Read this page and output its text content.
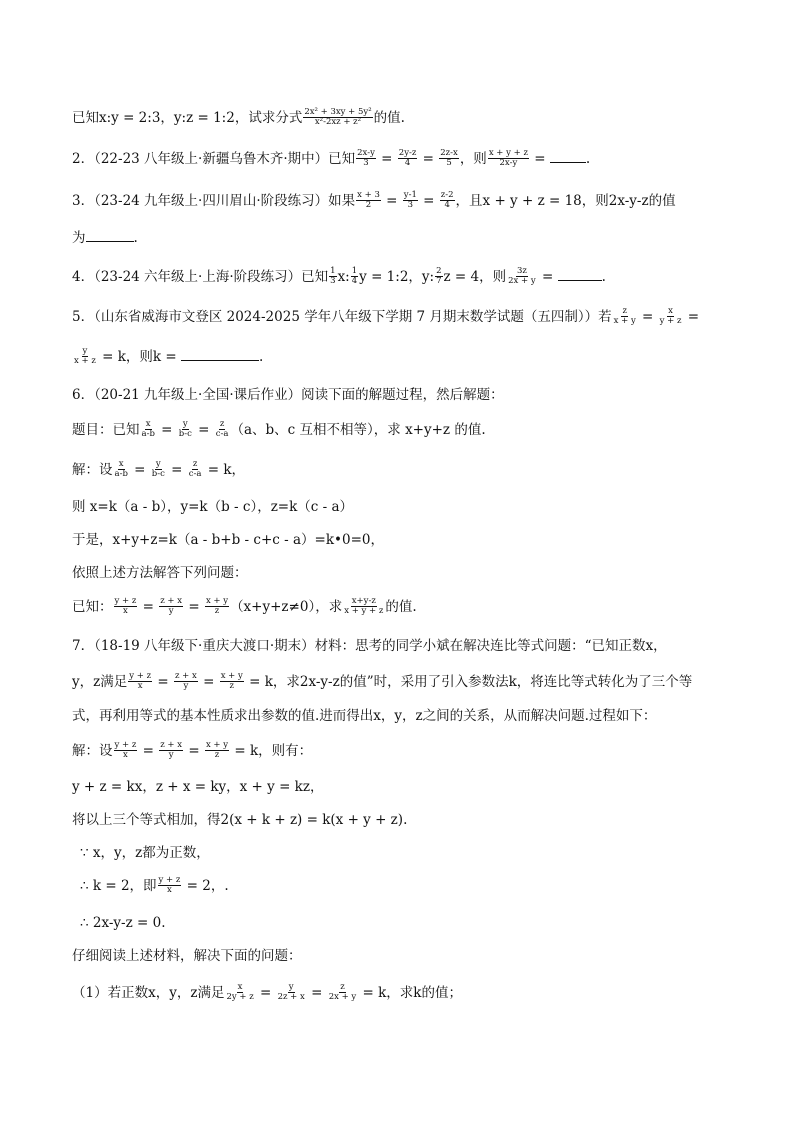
已知x:y = 2:3，y:z = 1:2，试求分式 $\frac{\text{2x² + 3xy + 5y²}}{\text{x²-2xz + z²}}$ 的值.
2．（22-23 八年级上·新疆乌鲁木齐·期中）已知 $\frac{2x-y}{3} = \frac{2y-z}{4} = \frac{2z-x}{5}$ ，则 $\frac{x + y + z}{2x-y}$ =	.
3．（23-24 九年级上·四川眉山·阶段练习）如果 $\frac{x + 3}{2} = \frac{y-1}{3} = \frac{z-2}{4}$ ，且x + y + z = 18，则2x-y-z的值
为	.
4．（23-24 六年级上·上海·阶段练习）已知 $\frac{1}{3} x$: $\frac{1}{4}$ y = 1:2，y: $\frac{2}{7}$ z = 4，则 $\frac{3z}{2x + y}$ =	.
5．（山东省威海市文登区 2024-2025 学年八年级下学期 7 月期末数学试题（五四制））若 $\frac{z}{x + y} = \frac{x}{y + z}$ =
$\frac{y}{x + z} = k$，则k =	.
6．（20-21 九年级上·全国·课后作业）阅读下面的解题过程，然后解题：
题目：已知 $\frac{x}{a-b} = \frac{y}{b-c} = \frac{z}{c-a} (a$、b、c 互相不相等），求 x+y+z 的值.
解：设 $\frac{x}{a-b} = \frac{y}{b-c} = \frac{z}{c-a} = k$，
则 x=k（a - b），y=k（b - c），z=k（c - a）
于是，x+y+z=k（a - b+b - c+c - a）=k•0=0，
依照上述方法解答下列问题：
已知： $\frac{y + z}{x} = \frac{z + x}{y} = \frac{x + y}{z} (x+y+z\ne 0)$，求 $\frac{x+y-z}{x + y + z}$ 的值.
7．（18-19 八年级下·重庆大渡口·期末）材料：思考的同学小斌在解决连比等式问题：“已知正数x，
y，z满足 $\frac{y + z}{x} = \frac{z + x}{y} = \frac{x + y}{z} = k$，求2x-y-z的值”时，采用了引入参数法k，将连比等式转化为了三个等
式，再利用等式的基本性质求出参数的值.进而得出x，y，z之间的关系，从而解决问题.过程如下：
解：设 $\frac{y + z}{x} = \frac{z + x}{y} = \frac{x + y}{z} = k$，则有：
y + z = kx，z + x = ky，x + y = kz，
将以上三个等式相加，得2(x + k + z) = k(x + y + z).
∵ x，y，z都为正数，
∴ k = 2，即 $\frac{y + z}{x} = 2$，.
∴ 2x-y-z = 0.
仔细阅读上述材料，解决下面的问题：
（1）若正数x，y，z满足 $\frac{x}{2y + z} = \frac{y}{2z + x} = \frac{z}{2x + y} = k$，求k的值；
